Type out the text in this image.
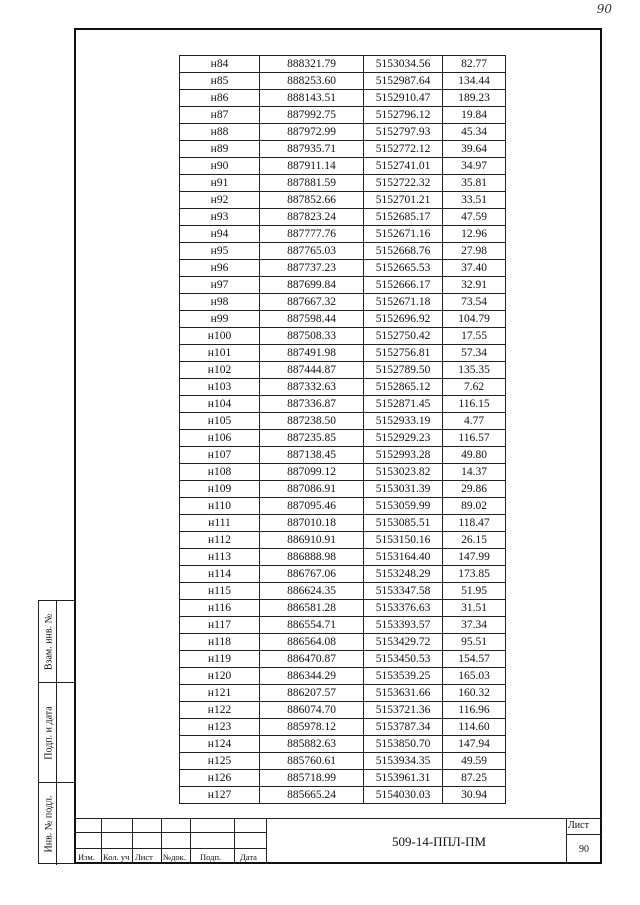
90
н84	888321.79	5153034.56	82.77
н85	888253.60	5152987.64	134.44
н86	888143.51	5152910.47	189.23
н87	887992.75	5152796.12	19.84
н88	887972.99	5152797.93	45.34
н89	887935.71	5152772.12	39.64
н90	887911.14	5152741.01	34.97
н91	887881.59	5152722.32	35.81
н92	887852.66	5152701.21	33.51
н93	887823.24	5152685.17	47.59
н94	887777.76	5152671.16	12.96
н95	887765.03	5152668.76	27.98
н96	887737.23	5152665.53	37.40
н97	887699.84	5152666.17	32.91
н98	887667.32	5152671.18	73.54
н99	887598.44	5152696.92	104.79
н100	887508.33	5152750.42	17.55
н101	887491.98	5152756.81	57.34
н102	887444.87	5152789.50	135.35
н103	887332.63	5152865.12	7.62
н104	887336.87	5152871.45	116.15
н105	887238.50	5152933.19	4.77
н106	887235.85	5152929.23	116.57
н107	887138.45	5152993.28	49.80
н108	887099.12	5153023.82	14.37
н109	887086.91	5153031.39	29.86
н110	887095.46	5153059.99	89.02
н111	887010.18	5153085.51	118.47
н112	886910.91	5153150.16	26.15
н113	886888.98	5153164.40	147.99
н114	886767.06	5153248.29	173.85
н115	886624.35	5153347.58	51.95
н116	886581.28	5153376.63	31.51
н117	886554.71	5153393.57	37.34
н118	886564.08	5153429.72	95.51
н119	886470.87	5153450.53	154.57
н120	886344.29	5153539.25	165.03
н121	886207.57	5153631.66	160.32
н122	886074.70	5153721.36	116.96
н123	885978.12	5153787.34	114.60
н124	885882.63	5153850.70	147.94
н125	885760.61	5153934.35	49.59
н126	885718.99	5153961.31	87.25
н127	885665.24	5154030.03	30.94
Взам. инв. №
Подп. и дата
Инв. № подл.
Изм. Кол. уч Лист №док. Подп. Дата
509-14-ППЛ-ПМ
Лист
90
